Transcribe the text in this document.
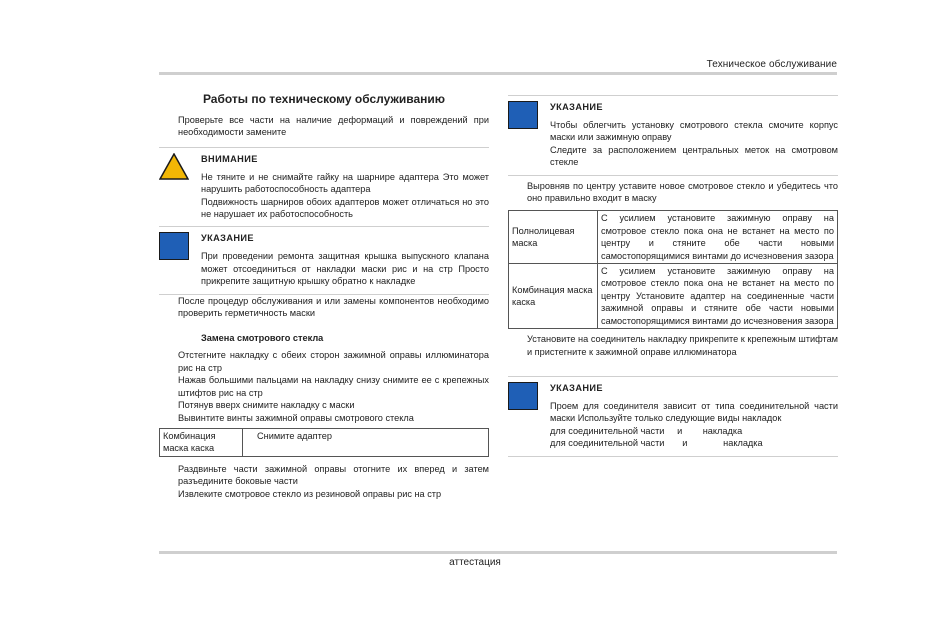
Техническое обслуживание
Работы по техническому обслуживанию

Проверьте все части на наличие деформаций и повреждений при необходимости замените

ВНИМАНИЕ

Не тяните и не снимайте гайку на шарнире адаптера Это может нарушить работоспособность адаптера

Подвижность шарниров обоих адаптеров может отличаться но это не нарушает их работоспособность

УКАЗАНИЕ

При проведении ремонта защитная крышка выпускного клапана может отсоединиться от накладки маски рис и на стр Просто прикрепите защитную крышку обратно к накладке

После процедур обслуживания и или замены компонентов необходимо проверить герметичность маски

Замена смотрового стекла

Отстегните накладку с обеих сторон зажимной оправы иллюминатора рис на стр

Нажав большими пальцами на накладку снизу снимите ее с крепежных штифтов рис на стр

Потянув вверх снимите накладку с маски

Вывинтите винты зажимной оправы смотрового стекла

Комбинация маска каска	Снимите адаптер

Раздвиньте части зажимной оправы отогните их вперед и затем разъедините боковые части

Извлеките смотровое стекло из резиновой оправы рис на стр

УКАЗАНИЕ

Чтобы облегчить установку смотрового стекла смочите корпус маски или зажимную оправу

Следите за расположением центральных меток на смотровом стекле

Выровняв по центру уставите новое смотровое стекло и убедитесь что оно правильно входит в маску

Полнолицевая маска	С усилием установите зажимную оправу на смотровое стекло пока она не встанет на место по центру и стяните обе части новыми самостопорящимися винтами до исчезновения зазора
Комбинация маска каска	С усилием установите зажимную оправу на смотровое стекло пока она не встанет на место по центру Установите адаптер на соединенные части зажимной оправы и стяните обе части новыми самостопорящимися винтами до исчезновения зазора

Установите на соединитель накладку прикрепите к крепежным штифтам и пристегните к зажимной оправе иллюминатора

УКАЗАНИЕ

Проем для соединителя зависит от типа соединительной части маски Используйте только следующие виды накладок

для соединительной части     и        накладка

для соединительной части       и              накладка

аттестация
